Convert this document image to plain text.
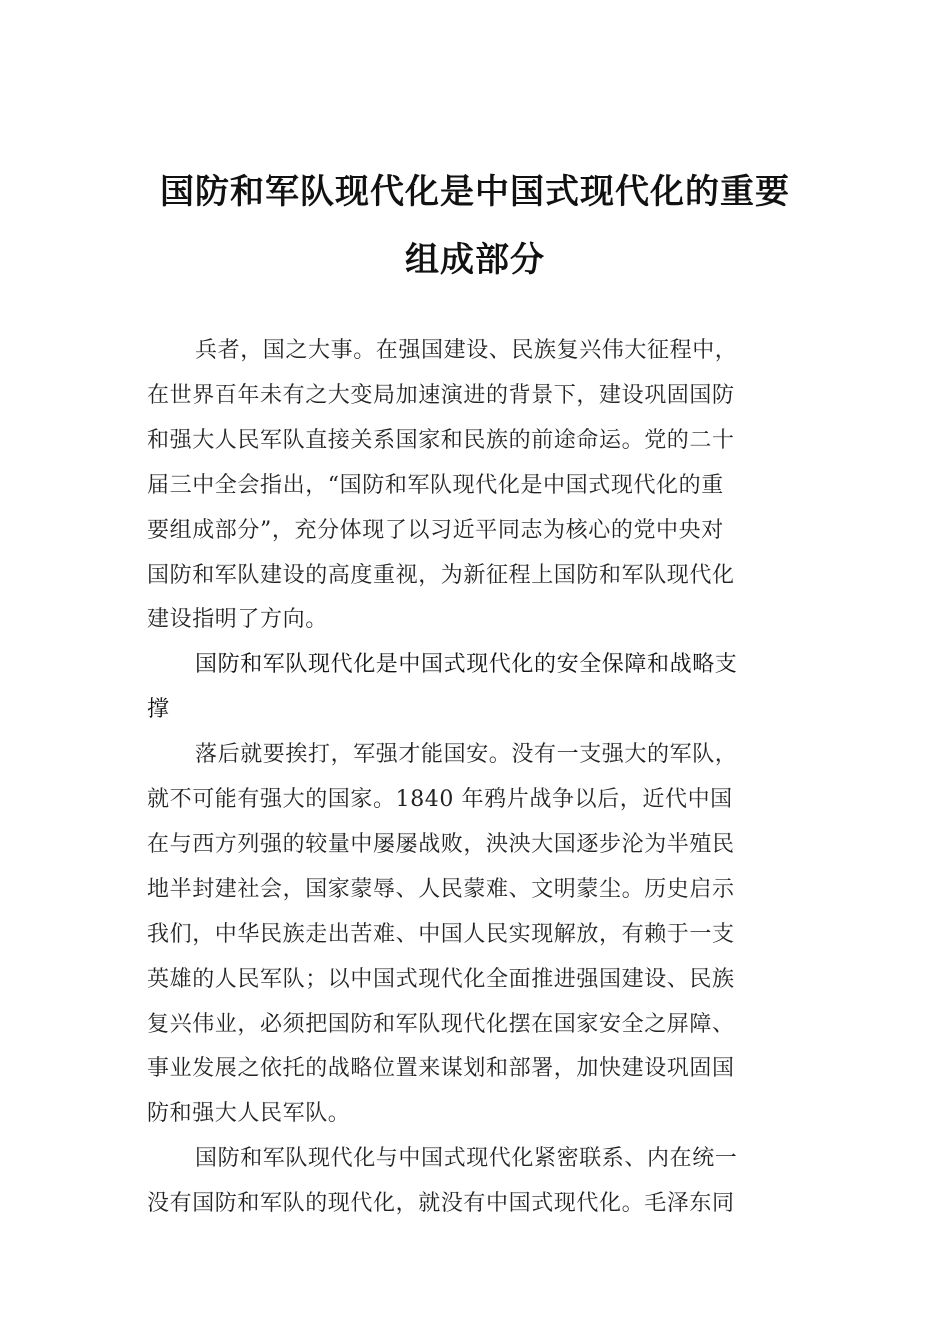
国防和军队现代化是中国式现代化的重要
组成部分
兵者，国之大事。在强国建设、民族复兴伟大征程中，
在世界百年未有之大变局加速演进的背景下，建设巩固国防
和强大人民军队直接关系国家和民族的前途命运。党的二十
届三中全会指出，“国防和军队现代化是中国式现代化的重
要组成部分”，充分体现了以习近平同志为核心的党中央对
国防和军队建设的高度重视，为新征程上国防和军队现代化
建设指明了方向。
国防和军队现代化是中国式现代化的安全保障和战略支
撑
落后就要挨打，军强才能国安。没有一支强大的军队，
就不可能有强大的国家。1840 年鸦片战争以后，近代中国
在与西方列强的较量中屡屡战败，泱泱大国逐步沦为半殖民
地半封建社会，国家蒙辱、人民蒙难、文明蒙尘。历史启示
我们，中华民族走出苦难、中国人民实现解放，有赖于一支
英雄的人民军队；以中国式现代化全面推进强国建设、民族
复兴伟业，必须把国防和军队现代化摆在国家安全之屏障、
事业发展之依托的战略位置来谋划和部署，加快建设巩固国
防和强大人民军队。
国防和军队现代化与中国式现代化紧密联系、内在统一
没有国防和军队的现代化，就没有中国式现代化。毛泽东同
